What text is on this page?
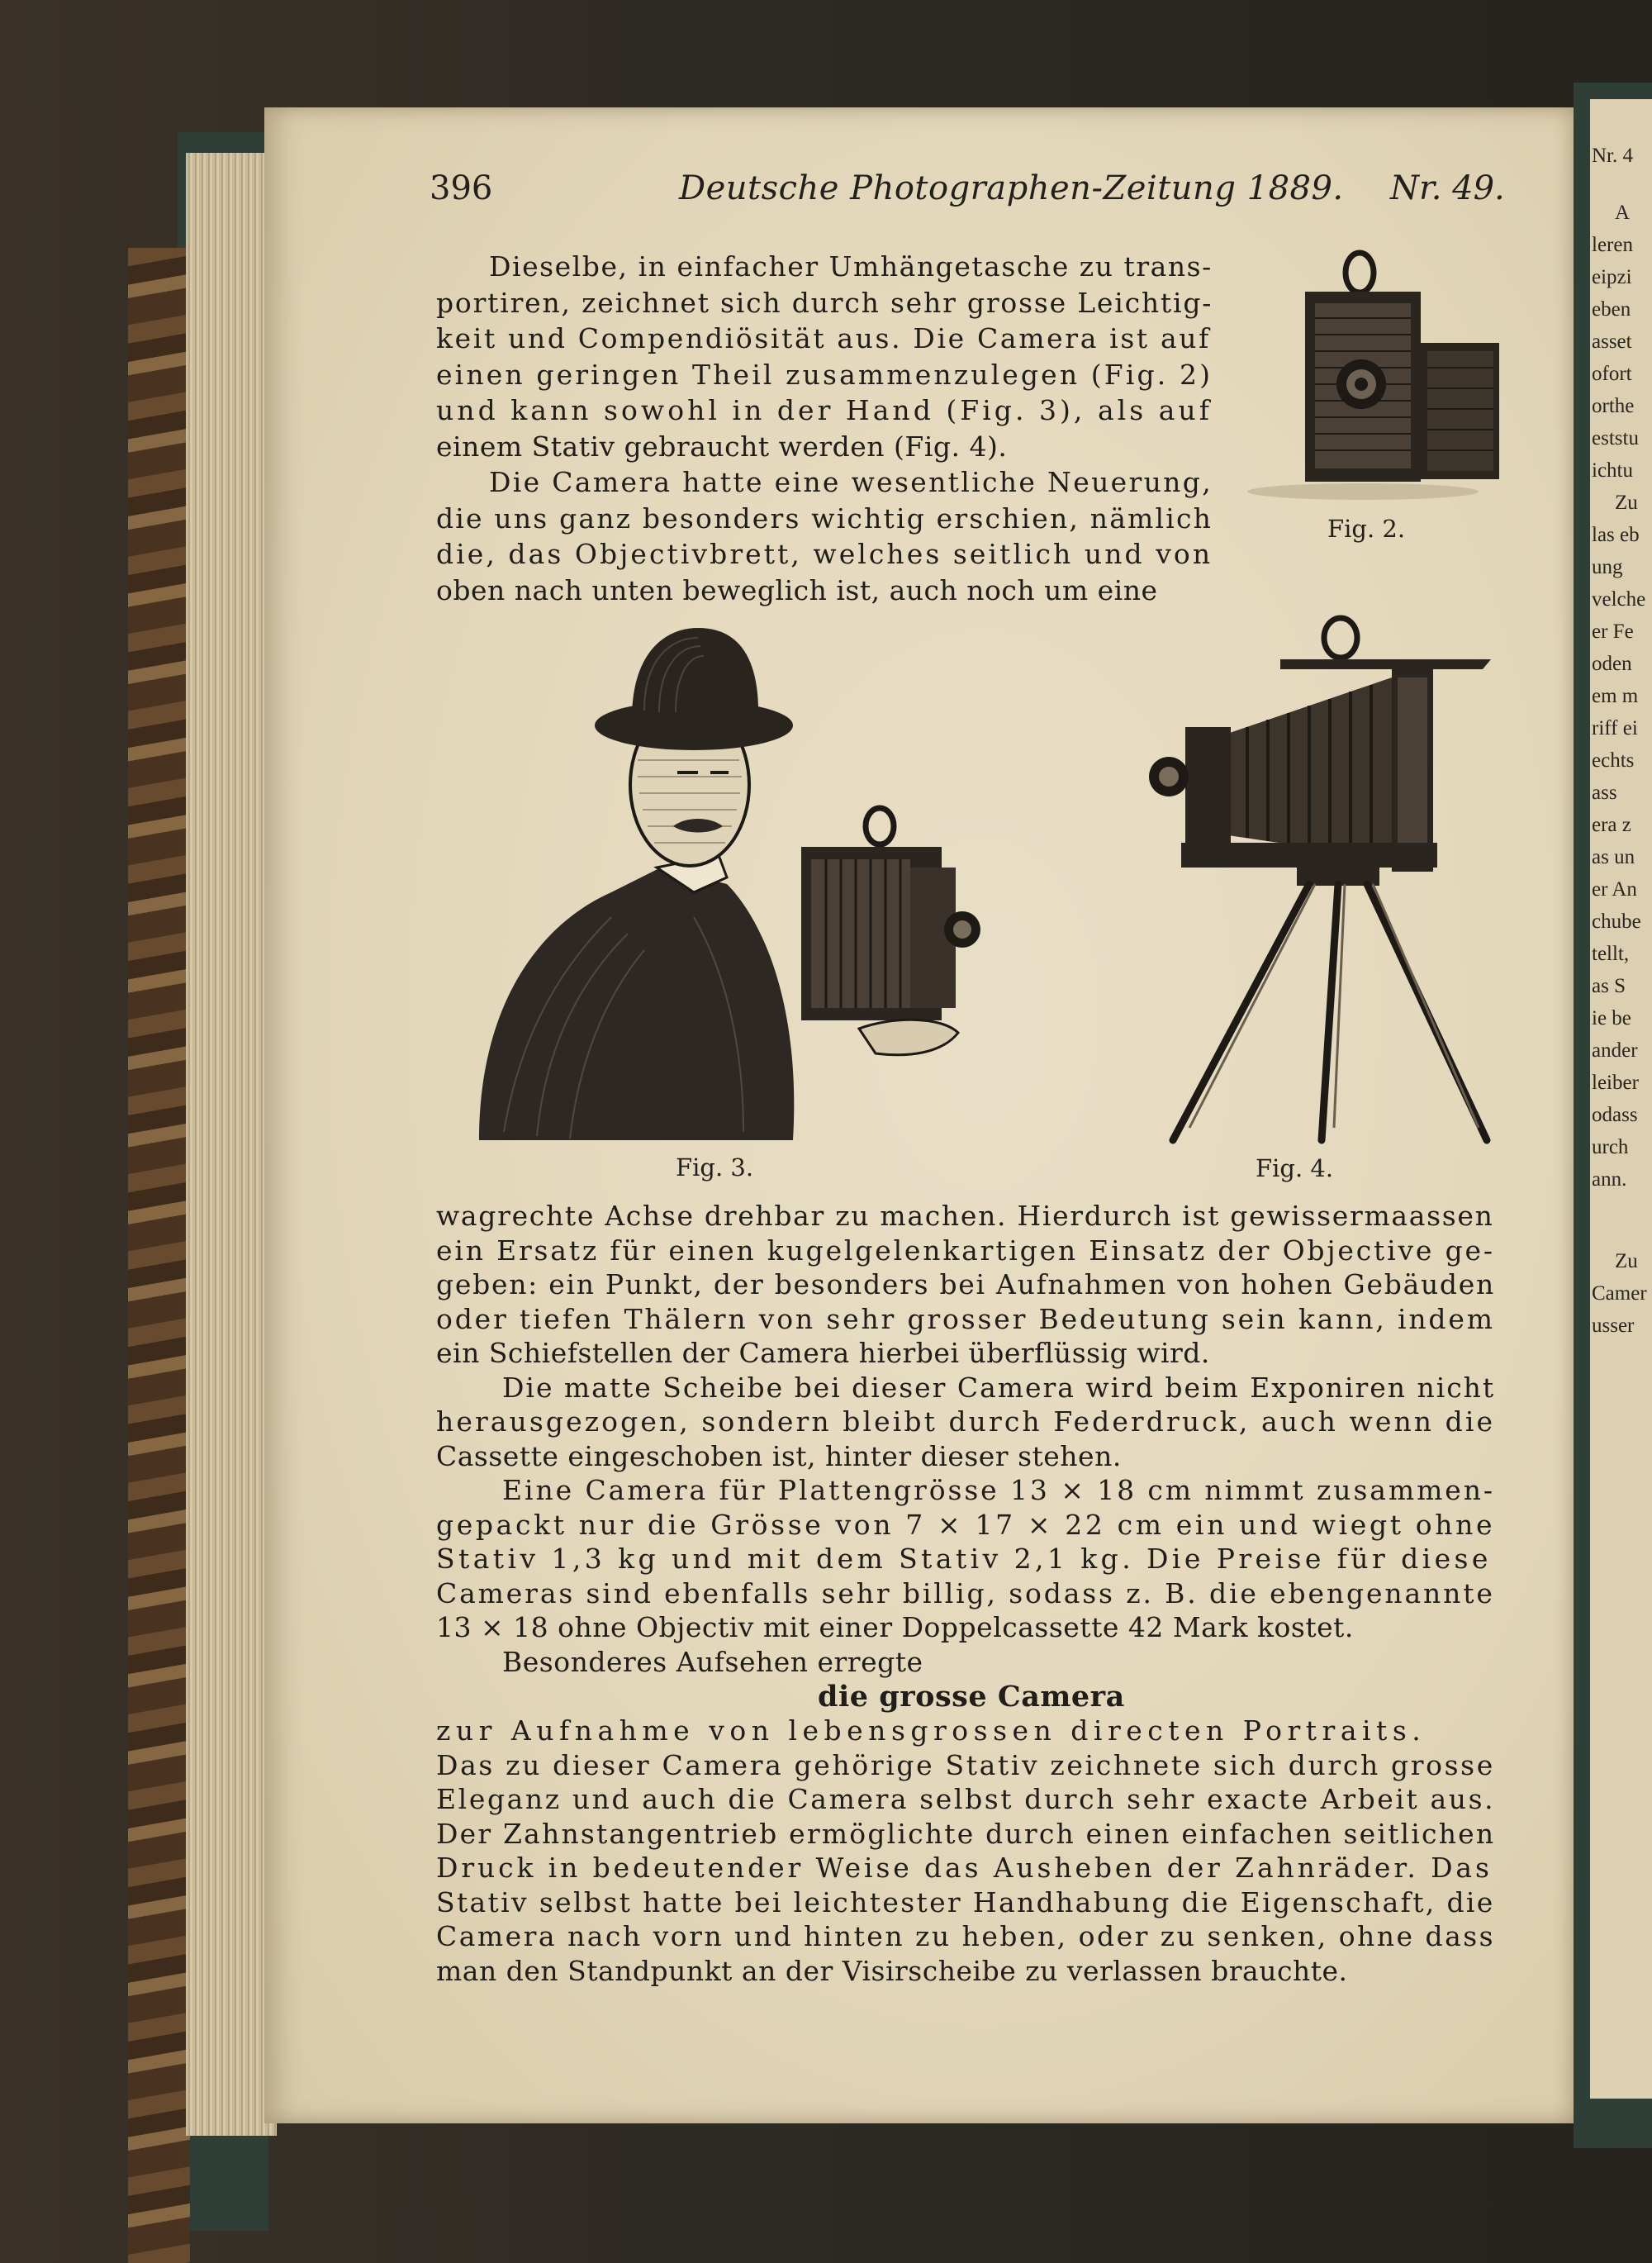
Nr. 4
A
leren
eipzi
eben
asset
ofort
orthe
eststu
ichtu
Zu
las eb
ung
velche
er Fe
oden
em m
riff ei
echts
ass
era z
as un
er An
chube
tellt,
as S
ie be
ander
leiber
odass
urch
ann.
Zu
Camer
usser
396	Deutsche Photographen-Zeitung 1889. Nr. 49.
Dieselbe, in einfacher Umhängetasche zu trans-
portiren, zeichnet sich durch sehr grosse Leichtig-
keit und Compendiösität aus. Die Camera ist auf
einen geringen Theil zusammenzulegen (Fig. 2)
und kann sowohl in der Hand (Fig. 3), als auf
einem Stativ gebraucht werden (Fig. 4).
Die Camera hatte eine wesentliche Neuerung,
die uns ganz besonders wichtig erschien, nämlich
die, das Objectivbrett, welches seitlich und von
oben nach unten beweglich ist, auch noch um eine
Fig. 2.
Fig. 3.	Fig. 4.
wagrechte Achse drehbar zu machen. Hierdurch ist gewissermaassen
ein Ersatz für einen kugelgelenkartigen Einsatz der Objective ge-
geben: ein Punkt, der besonders bei Aufnahmen von hohen Gebäuden
oder tiefen Thälern von sehr grosser Bedeutung sein kann, indem
ein Schiefstellen der Camera hierbei überflüssig wird.
Die matte Scheibe bei dieser Camera wird beim Exponiren nicht
herausgezogen, sondern bleibt durch Federdruck, auch wenn die
Cassette eingeschoben ist, hinter dieser stehen.
Eine Camera für Plattengrösse 13 ⨯ 18 cm nimmt zusammen-
gepackt nur die Grösse von 7 ⨯ 17 ⨯ 22 cm ein und wiegt ohne
Stativ 1,3 kg und mit dem Stativ 2,1 kg. Die Preise für diese
Cameras sind ebenfalls sehr billig, sodass z. B. die ebengenannte
13 ⨯ 18 ohne Objectiv mit einer Doppelcassette 42 Mark kostet.
Besonderes Aufsehen erregte
die grosse Camera
zur Aufnahme von lebensgrossen directen Portraits.
Das zu dieser Camera gehörige Stativ zeichnete sich durch grosse
Eleganz und auch die Camera selbst durch sehr exacte Arbeit aus.
Der Zahnstangentrieb ermöglichte durch einen einfachen seitlichen
Druck in bedeutender Weise das Ausheben der Zahnräder. Das
Stativ selbst hatte bei leichtester Handhabung die Eigenschaft, die
Camera nach vorn und hinten zu heben, oder zu senken, ohne dass
man den Standpunkt an der Visirscheibe zu verlassen brauchte.
